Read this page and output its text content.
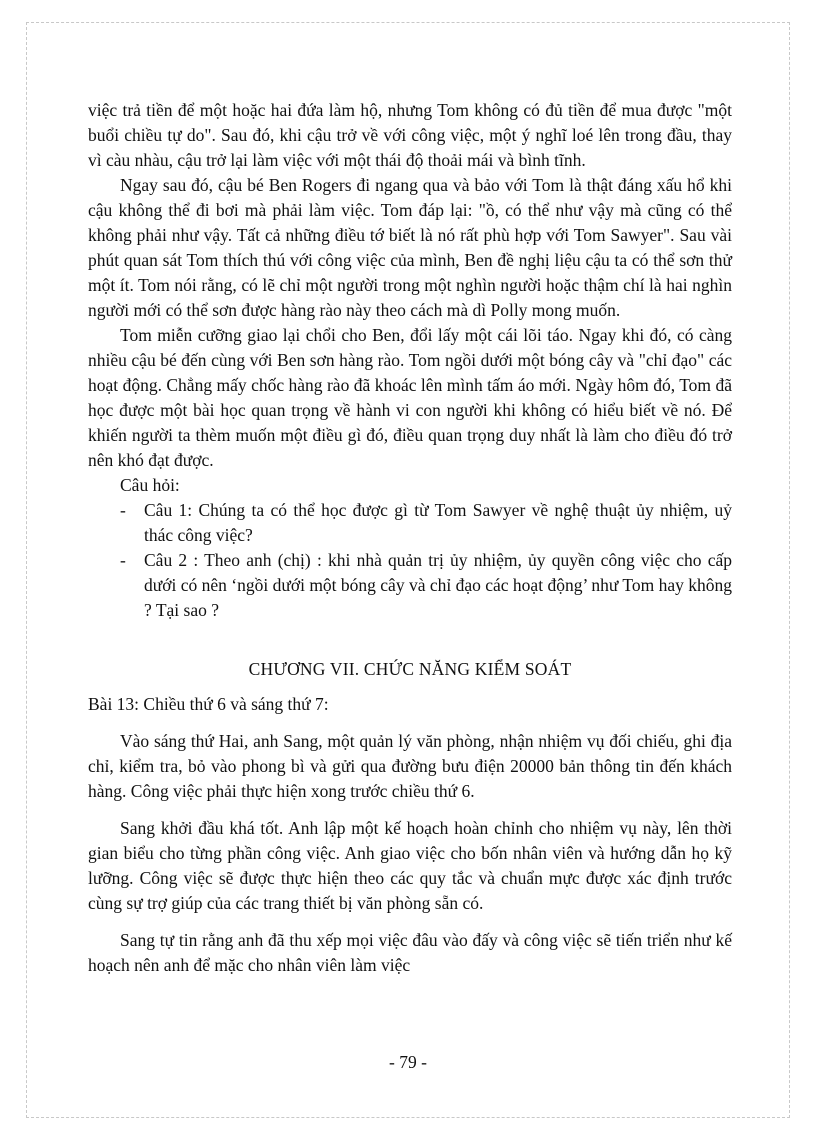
việc trả tiền để một hoặc hai đứa làm hộ, nhưng Tom không có đủ tiền để mua được "một buổi chiều tự do". Sau đó, khi cậu trở về với công việc, một ý nghĩ loé lên trong đầu, thay vì càu nhàu, cậu trở lại làm việc với một thái độ thoải mái và bình tĩnh.

Ngay sau đó, cậu bé Ben Rogers đi ngang qua và bảo với Tom là thật đáng xấu hổ khi cậu không thể đi bơi mà phải làm việc. Tom đáp lại: "ồ, có thể như vậy mà cũng có thể không phải như vậy. Tất cả những điều tớ biết là nó rất phù hợp với Tom Sawyer". Sau vài phút quan sát Tom thích thú với công việc của mình, Ben đề nghị liệu cậu ta có thể sơn thử một ít. Tom nói rằng, có lẽ chỉ một người trong một nghìn người hoặc thậm chí là hai nghìn người mới có thể sơn được hàng rào này theo cách mà dì Polly mong muốn.

Tom miễn cưỡng giao lại chổi cho Ben, đổi lấy một cái lõi táo. Ngay khi đó, có càng nhiều cậu bé đến cùng với Ben sơn hàng rào. Tom ngồi dưới một bóng cây và "chỉ đạo" các hoạt động. Chẳng mấy chốc hàng rào đã khoác lên mình tấm áo mới. Ngày hôm đó, Tom đã học được một bài học quan trọng về hành vi con người khi không có hiểu biết về nó. Để khiến người ta thèm muốn một điều gì đó, điều quan trọng duy nhất là làm cho điều đó trở nên khó đạt được.

Câu hỏi:

- Câu 1: Chúng ta có thể học được gì từ Tom Sawyer về nghệ thuật ủy nhiệm, uỷ thác công việc?
- Câu 2 : Theo anh (chị) : khi nhà quản trị ủy nhiệm, ủy quyền công việc cho cấp dưới có nên ‘ngồi dưới một bóng cây và chỉ đạo các hoạt động’ như Tom hay không ? Tại sao ?
CHƯƠNG VII. CHỨC NĂNG KIỂM SOÁT

Bài 13: Chiều thứ 6 và sáng thứ 7:

Vào sáng thứ Hai, anh Sang, một quản lý văn phòng, nhận nhiệm vụ đối chiếu, ghi địa chỉ, kiểm tra, bỏ vào phong bì và gửi qua đường bưu điện 20000 bản thông tin đến khách hàng. Công việc phải thực hiện xong trước chiều thứ 6.

Sang khởi đầu khá tốt. Anh lập một kế hoạch hoàn chỉnh cho nhiệm vụ này, lên thời gian biểu cho từng phần công việc. Anh giao việc cho bốn nhân viên và hướng dẫn họ kỹ lưỡng. Công việc sẽ được thực hiện theo các quy tắc và chuẩn mực được xác định trước cùng sự trợ giúp của các trang thiết bị văn phòng sẵn có.

Sang tự tin rằng anh đã thu xếp mọi việc đâu vào đấy và công việc sẽ tiến triển như kế hoạch nên anh để mặc cho nhân viên làm việc

- 79 -
